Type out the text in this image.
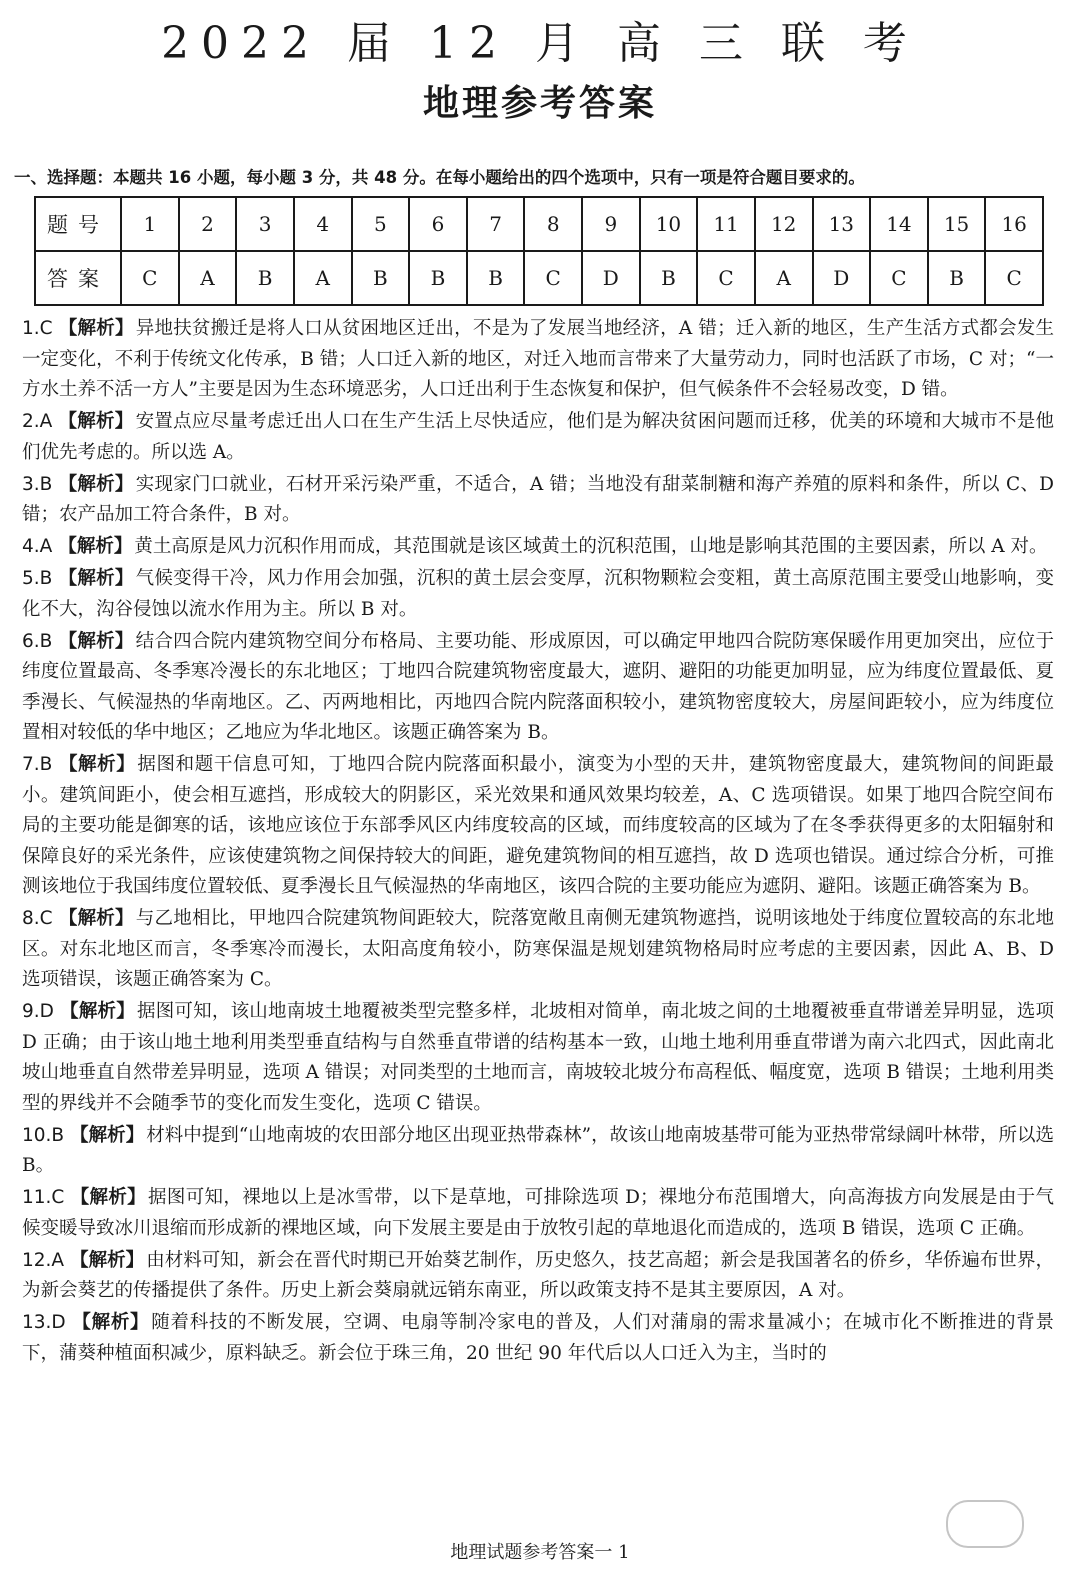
2022 届 12 月 高 三 联 考
地理参考答案
一、选择题：本题共 16 小题，每小题 3 分，共 48 分。在每小题给出的四个选项中，只有一项是符合题目要求的。
题号	1	2	3	4	5	6	7	8	9	10	11	12	13	14	15	16
答案	C	A	B	A	B	B	B	C	D	B	C	A	D	C	B	C

1.C 【解析】 异地扶贫搬迁是将人口从贫困地区迁出，不是为了发展当地经济，A 错；迁入新的地区，生产生活方式都会发生一定变化，不利于传统文化传承，B 错；人口迁入新的地区，对迁入地而言带来了大量劳动力，同时也活跃了市场，C 对；“一方水土养不活一方人”主要是因为生态环境恶劣，人口迁出利于生态恢复和保护，但气候条件不会轻易改变，D 错。

2.A 【解析】 安置点应尽量考虑迁出人口在生产生活上尽快适应，他们是为解决贫困问题而迁移，优美的环境和大城市不是他们优先考虑的。所以选 A。

3.B 【解析】 实现家门口就业，石材开采污染严重，不适合，A 错；当地没有甜菜制糖和海产养殖的原料和条件，所以 C、D 错；农产品加工符合条件，B 对。

4.A 【解析】 黄土高原是风力沉积作用而成，其范围就是该区域黄土的沉积范围，山地是影响其范围的主要因素，所以 A 对。

5.B 【解析】 气候变得干冷，风力作用会加强，沉积的黄土层会变厚，沉积物颗粒会变粗，黄土高原范围主要受山地影响，变化不大，沟谷侵蚀以流水作用为主。所以 B 对。

6.B 【解析】 结合四合院内建筑物空间分布格局、主要功能、形成原因，可以确定甲地四合院防寒保暖作用更加突出，应位于纬度位置最高、冬季寒冷漫长的东北地区；丁地四合院建筑物密度最大，遮阴、避阳的功能更加明显，应为纬度位置最低、夏季漫长、气候湿热的华南地区。乙、丙两地相比，丙地四合院内院落面积较小，建筑物密度较大，房屋间距较小，应为纬度位置相对较低的华中地区；乙地应为华北地区。该题正确答案为 B。

7.B 【解析】 据图和题干信息可知，丁地四合院内院落面积最小，演变为小型的天井，建筑物密度最大，建筑物间的间距最小。建筑间距小，使会相互遮挡，形成较大的阴影区，采光效果和通风效果均较差，A、C 选项错误。如果丁地四合院空间布局的主要功能是御寒的话，该地应该位于东部季风区内纬度较高的区域，而纬度较高的区域为了在冬季获得更多的太阳辐射和保障良好的采光条件，应该使建筑物之间保持较大的间距，避免建筑物间的相互遮挡，故 D 选项也错误。通过综合分析，可推测该地位于我国纬度位置较低、夏季漫长且气候湿热的华南地区，该四合院的主要功能应为遮阴、避阳。该题正确答案为 B。

8.C 【解析】 与乙地相比，甲地四合院建筑物间距较大，院落宽敞且南侧无建筑物遮挡，说明该地处于纬度位置较高的东北地区。对东北地区而言，冬季寒冷而漫长，太阳高度角较小，防寒保温是规划建筑物格局时应考虑的主要因素，因此 A、B、D 选项错误，该题正确答案为 C。

9.D 【解析】 据图可知，该山地南坡土地覆被类型完整多样，北坡相对简单，南北坡之间的土地覆被垂直带谱差异明显，选项 D 正确；由于该山地土地利用类型垂直结构与自然垂直带谱的结构基本一致，山地土地利用垂直带谱为南六北四式，因此南北坡山地垂直自然带差异明显，选项 A 错误；对同类型的土地而言，南坡较北坡分布高程低、幅度宽，选项 B 错误；土地利用类型的界线并不会随季节的变化而发生变化，选项 C 错误。

10.B 【解析】 材料中提到“山地南坡的农田部分地区出现亚热带森林”，故该山地南坡基带可能为亚热带常绿阔叶林带，所以选 B。

11.C 【解析】 据图可知，裸地以上是冰雪带，以下是草地，可排除选项 D；裸地分布范围增大，向高海拔方向发展是由于气候变暖导致冰川退缩而形成新的裸地区域，向下发展主要是由于放牧引起的草地退化而造成的，选项 B 错误，选项 C 正确。

12.A 【解析】 由材料可知，新会在晋代时期已开始葵艺制作，历史悠久，技艺高超；新会是我国著名的侨乡，华侨遍布世界，为新会葵艺的传播提供了条件。历史上新会葵扇就远销东南亚，所以政策支持不是其主要原因，A 对。

13.D 【解析】 随着科技的不断发展，空调、电扇等制冷家电的普及，人们对蒲扇的需求量减小；在城市化不断推进的背景下，蒲葵种植面积减少，原料缺乏。新会位于珠三角，20 世纪 90 年代后以人口迁入为主，当时的

地理试题参考答案一 1
